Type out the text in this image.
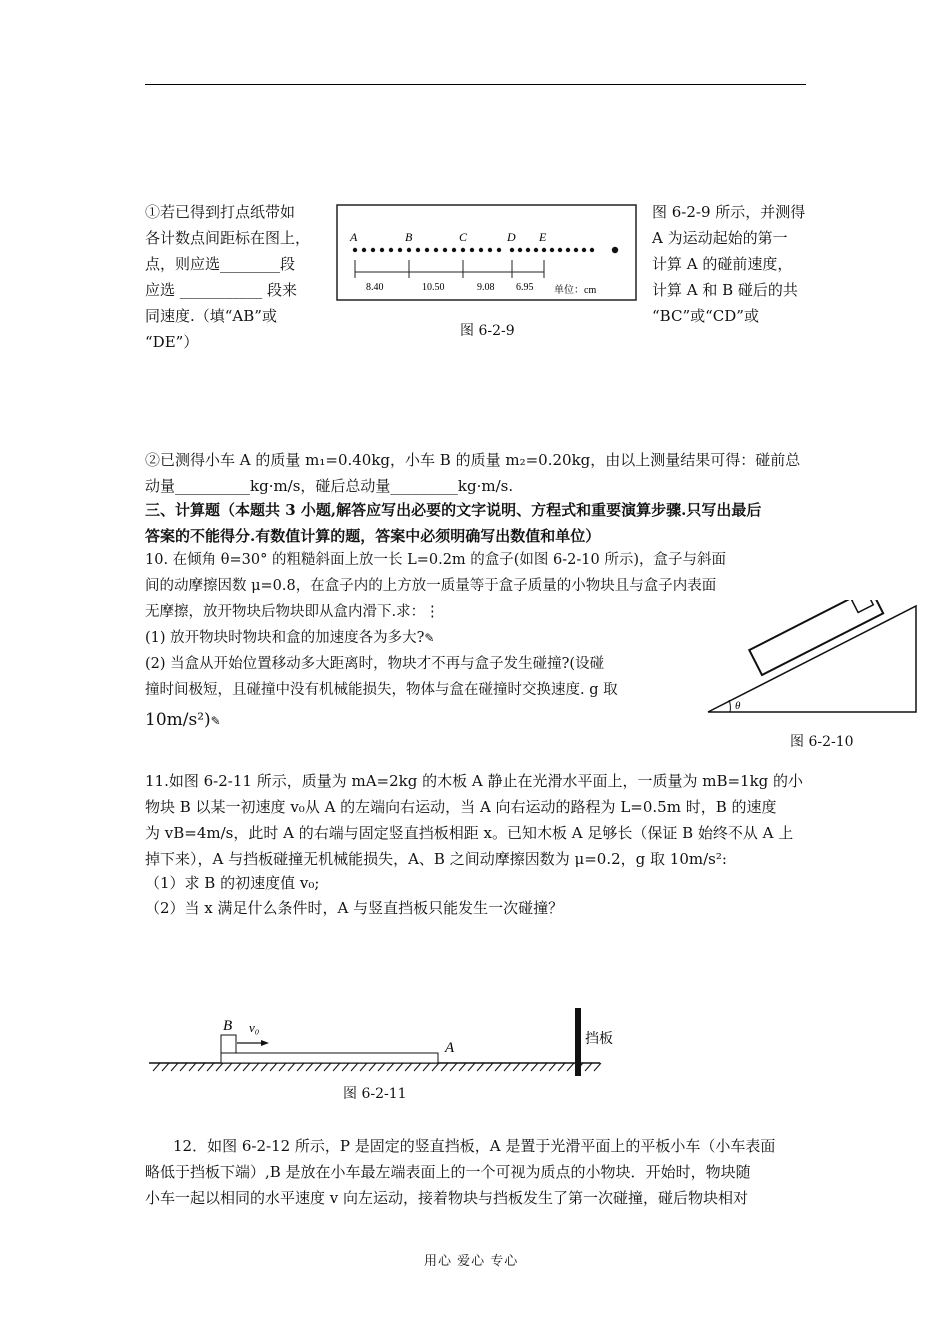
①若已得到打点纸带如
各计数点间距标在图上，
点，则应选________段
应选 ___________ 段来
同速度.（填“AB”或
“DE”）
图 6-2-9 所示，并测得
A 为运动起始的第一
计算 A 的碰前速度，
计算 A 和 B 碰后的共
“BC”或“CD”或
A	B	C	D E
8.40	10.50	9.08 6.95 单位：cm
图 6-2-9
②已测得小车 A 的质量 m₁=0.40kg，小车 B 的质量 m₂=0.20kg，由以上测量结果可得：碰前总
动量__________kg·m/s，碰后总动量_________kg·m/s.
三、计算题（本题共 3 小题,解答应写出必要的文字说明、方程式和重要演算步骤.只写出最后
答案的不能得分.有数值计算的题，答案中必须明确写出数值和单位）
10. 在倾角 θ=30° 的粗糙斜面上放一长 L=0.2m 的盒子(如图 6-2-10 所示)，盒子与斜面
间的动摩擦因数 μ=0.8，在盒子内的上方放一质量等于盒子质量的小物块且与盒子内表面
无摩擦，放开物块后物块即从盒内滑下.求：⋮
(1) 放开物块时物块和盒的加速度各为多大?✎
(2) 当盒从开始位置移动多大距离时，物块才不再与盒子发生碰撞?(设碰
撞时间极短，且碰撞中没有机械能损失，物体与盒在碰撞时交换速度. g 取
10m/s²)✎
θ
图 6-2-10
11.如图 6-2-11 所示，质量为 mA=2kg 的木板 A 静止在光滑水平面上，一质量为 mB=1kg 的小
物块 B 以某一初速度 v₀从 A 的左端向右运动，当 A 向右运动的路程为 L=0.5m 时，B 的速度
为 vB=4m/s，此时 A 的右端与固定竖直挡板相距 x。已知木板 A 足够长（保证 B 始终不从 A 上
掉下来），A 与挡板碰撞无机械能损失，A、B 之间动摩擦因数为 μ=0.2，g 取 10m/s²:
（1）求 B 的初速度值 v₀;
（2）当 x 满足什么条件时，A 与竖直挡板只能发生一次碰撞？
B v₀
A
挡板
图 6-2-11
12．如图 6-2-12 所示，P 是固定的竖直挡板，A 是置于光滑平面上的平板小车（小车表面
略低于挡板下端）,B 是放在小车最左端表面上的一个可视为质点的小物块．开始时，物块随
小车一起以相同的水平速度 v 向左运动，接着物块与挡板发生了第一次碰撞，碰后物块相对
用心 爱心 专心
